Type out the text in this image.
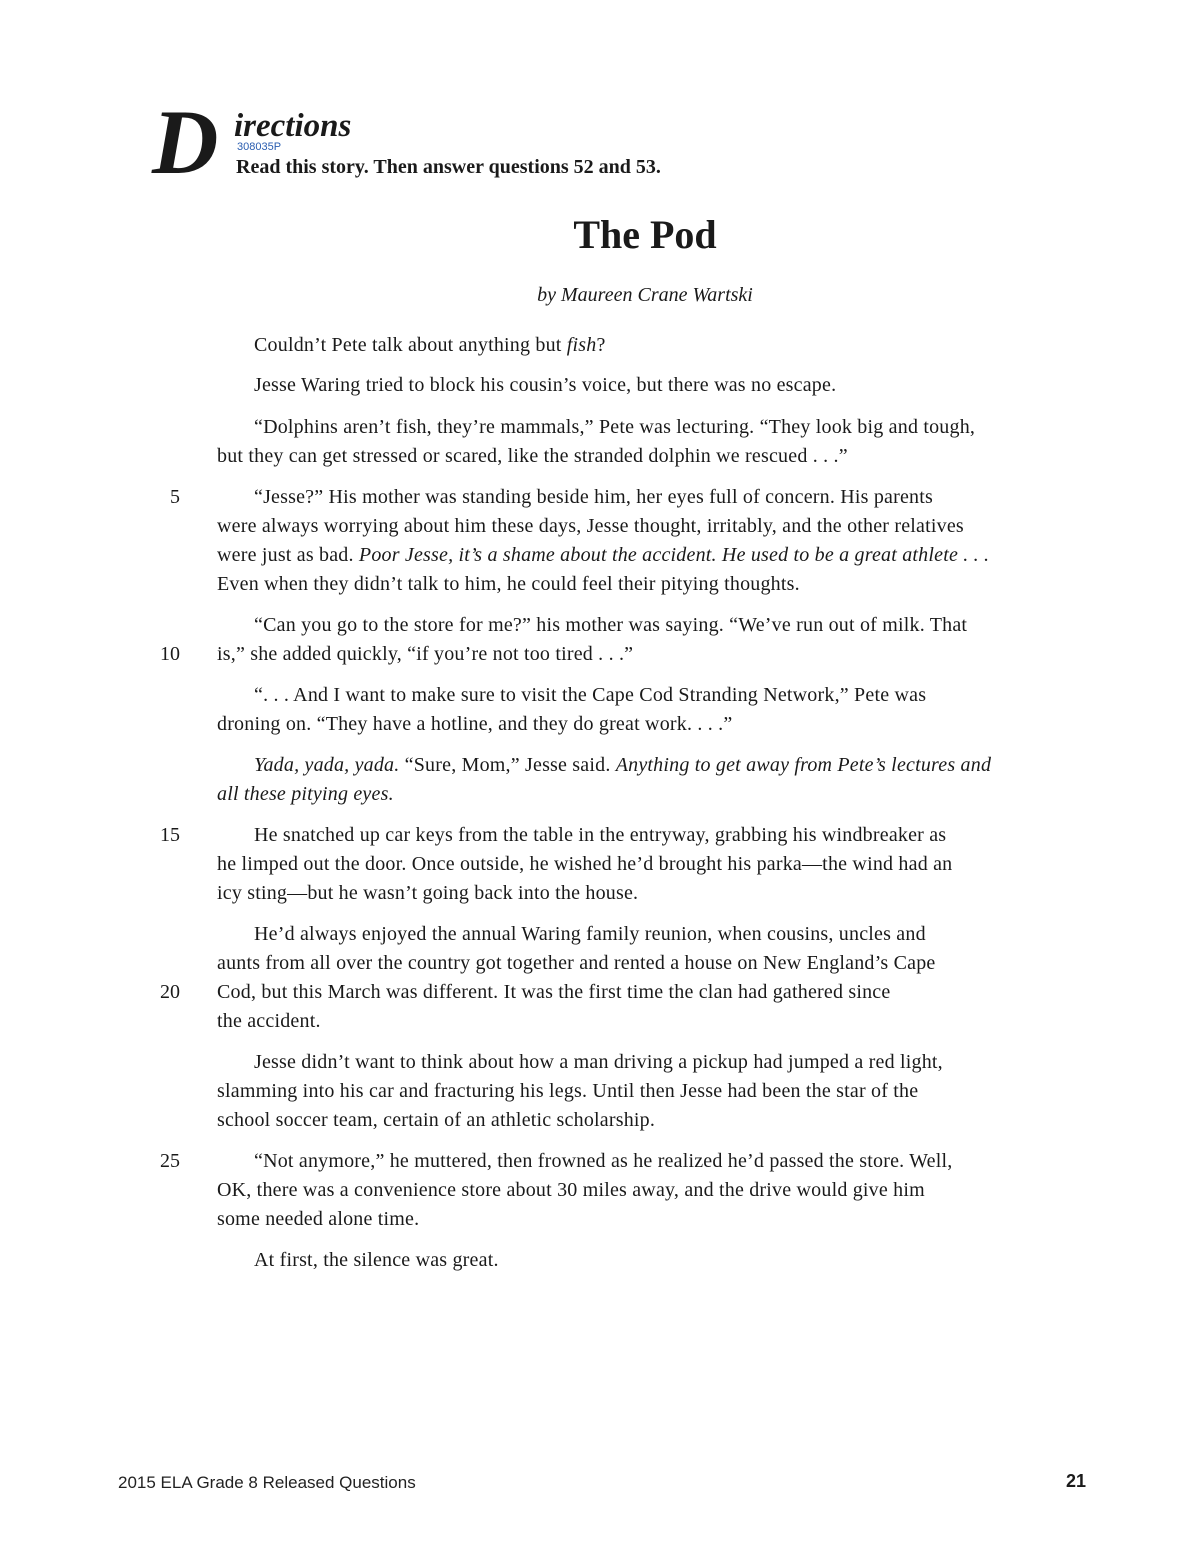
D irections
308035P
Read this story. Then answer questions 52 and 53.
The Pod
by Maureen Crane Wartski
Couldn’t Pete talk about anything but fish?
Jesse Waring tried to block his cousin’s voice, but there was no escape.
“Dolphins aren’t fish, they’re mammals,” Pete was lecturing. “They look big and tough,
but they can get stressed or scared, like the stranded dolphin we rescued . . .”
“Jesse?” His mother was standing beside him, her eyes full of concern. His parents
were always worrying about him these days, Jesse thought, irritably, and the other relatives
were just as bad. Poor Jesse, it’s a shame about the accident. He used to be a great athlete . . .
Even when they didn’t talk to him, he could feel their pitying thoughts.
“Can you go to the store for me?” his mother was saying. “We’ve run out of milk. That
is,” she added quickly, “if you’re not too tired . . .”
“. . . And I want to make sure to visit the Cape Cod Stranding Network,” Pete was
droning on. “They have a hotline, and they do great work. . . .”
Yada, yada, yada. “Sure, Mom,” Jesse said. Anything to get away from Pete’s lectures and
all these pitying eyes.
He snatched up car keys from the table in the entryway, grabbing his windbreaker as
he limped out the door. Once outside, he wished he’d brought his parka—the wind had an
icy sting—but he wasn’t going back into the house.
He’d always enjoyed the annual Waring family reunion, when cousins, uncles and
aunts from all over the country got together and rented a house on New England’s Cape
Cod, but this March was different. It was the first time the clan had gathered since
the accident.
Jesse didn’t want to think about how a man driving a pickup had jumped a red light,
slamming into his car and fracturing his legs. Until then Jesse had been the star of the
school soccer team, certain of an athletic scholarship.
“Not anymore,” he muttered, then frowned as he realized he’d passed the store. Well,
OK, there was a convenience store about 30 miles away, and the drive would give him
some needed alone time.
At first, the silence was great.
5
10
15
20
25
2015 ELA Grade 8 Released Questions	21
